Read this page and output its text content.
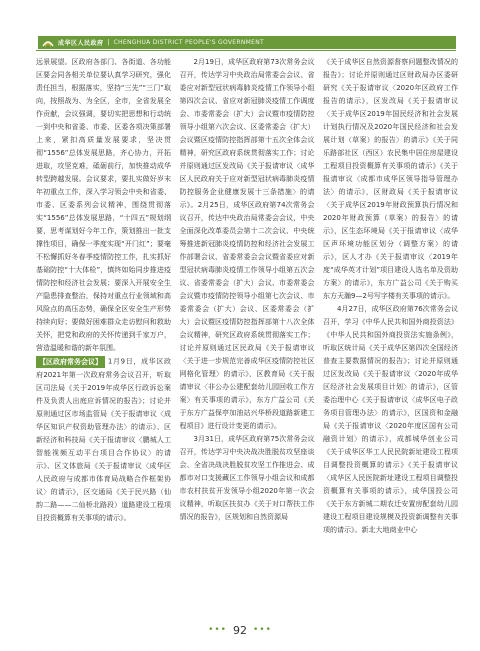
成华区人民政府 | CHENGHUA DISTRICT PEOPLE'S GOVERNMENT

远景展望。区政府各部门、各街道、各功能区要会同各相关单位要认真学习研究，强化责任担当，根据落实，坚持“三先”“三门”取向，按照战为、为全区，全市，全省发展全作贡献，会议强调，要切实把思想和行动统一到中央和省委、市委、区委各项决策部署上来，紧扣高质量发展要求，坚决贯彻“1556”总体发展思路，齐心协力，开拓进取，攻坚克难，砥砺前行，加快推动成华转型跨越发展。会议要求，要扎实做好岁末年初重点工作，深入学习领会中央和省委、市委、区委系列会议精神，围绕贯彻落实“1556”总体发展思路，“十四五”规划纲要，思考谋划好今年工作，策划推出一批支撑性项目，确保一季度实现“开门红”；要毫不松懈抓好冬春季疫情防控工作，扎实抓好基础防控“十大体检”，慎终如始同步推进疫情防控和经济社会发展；要深入开展安全生产隐患排查整治，保持对重点行业领域和高风险点的高压态势，确保全区安全生产形势持续向好；要做好困难群众走访慰问和救助关怀，把党和政府的关怀传递到千家万户，营造温暖和谐的新年氛围。

【区政府常务会议】 1月9日，成华区政府2021年第一次政府常务会议召开，听取区司法局《关于2019年成华区行政诉讼案件及负责人出庭应诉情况的报告》；讨论并原则通过区市场监管局《关于报请审议〈成华区知识产权资助管理办法〉的请示》、区新经济和科技局《关于报请审议〈鹏城人工智能视频互动平台项目合作协议〉的请示》、区文体旅局《关于报请审议〈成华区人民政府与成都市体育局战略合作框架协议〉的请示》，区交通局《关于民兴路（仙韵二路——二仙桥北路段）道路建设工程项目投资概算有关事项的请示》。

2月19日，成华区政府第73次常务会议召开，传达学习中央政治局常委会会议、省委应对新型冠状病毒肺炎疫情工作领导小组第四次会议、省应对新冠肺炎疫情工作调度会、市委常委会（扩大）会议暨市疫情防控领导小组第六次会议、区委常委会（扩大）会议暨区疫情防控指挥部第十五次全体会议精神，研究区政府系统贯彻落实工作；讨论并原则通过区发改局《关于报请审议〈成华区人民政府关于应对新型冠状病毒肺炎疫情防控服务企业健康发展十三条措施〉的请示》。2月25日，成华区政府第74次常务会议召开，传达中央政治局常委会会议，中央全面深化改革委员会第十二次会议、中央统筹推进新冠肺炎疫情防控和经济社会发展工作部署会议、省委常委会会议暨省委应对新型冠状病毒肺炎疫情工作领导小组第五次会议、省委常委会（扩大）会议、市委常委会会议暨市疫情防控领导小组第七次会议、市委常委会（扩大）会议、区委常委会（扩大）会议暨区疫情防控指挥部第十八次全体会议精神，研究区政府系统贯彻落实工作；讨论并原则通过区民政局《关于报请审议〈关于进一步规范完善成华区疫情防控社区网格化管理〉的请示》，区教育局《关于报请审议〈非公办公建配套幼儿园回收工作方案〉有关事项的请示》，东方广益公司《关于东方广益保亭加油站兴华桥段道路新建工程项目》进行设计变更的请示》。

3月31日，成华区政府第75次常务会议召开，传达学习中央决战决胜脱贫攻坚座谈会、全省决战决胜脱贫攻坚工作推进会、成都市对口支援藏区工作领导小组会议和成都市农村扶贫开发领导小组2020年第一次会议精神，听取区扶贫办《关于对口帮扶工作情况的报告》，区规划和自然资源局

《关于成华区自然资源督察问题整改情况的报告》；讨论并原则通过区财政局办区委研研究《关于报请审议〈2020年区政府工作报告的请示》，区发改局《关于报请审议〈关于成华区2019年国民经济和社会发展计划执行情况及2020年国民经济和社会发展计划（草案）的报告〉的请示》《关于同乐路部社区（西区）农民集中居住房屋建设工程项目投资概算有关事项的请示》《关于报请审议〈成都市成华区领导指导管理办法〉的请示》，区财政局《关于报请审议〈关于成华区2019年财政预算执行情况和2020年财政预算（草案）的报告〉的请示》，区生态环境局《关于报请审议〈成华区声环境功能区划分（调整方案）的请示》，区人才办《关于报请审议〈2019年度“成华英才计划”项目建设人选名单及资助方案〉的请示》，东方广益公司《关于购买东方天瀚9—2号写字楼有关事项的请示》。

4月27日，成华区政府第76次常务会议召开，学习《中华人民共和国外商投资法》《中华人民共和国外商投资法实施条例》，听取区统计局《关于成华区第四次全国经济普查主要数据情况的报告》；讨论并原则通过区发改局《关于报请审议〈2020年成华区经济社会发展项目计划〉的请示》，区管委治理中心《关于报请审议〈成华区电子政务项目管理办法〉的请示》，区国资和金融局《关于报请审议〈2020年度区国有公司融资计划〉的请示》，成都城华创业公司《关于成华区华工人民民院新址建设工程项目调整投资概算的请示》《关于报请审议〈成华区人民医院新址建设工程项目调整投资概算有关事项的请示》，成华国投公司《关于东方新城二期农迁安置房配套幼儿园建设工程项目建设规模及投资新调整有关事项的请示》。新北大地商业中心

••• 92 •••
